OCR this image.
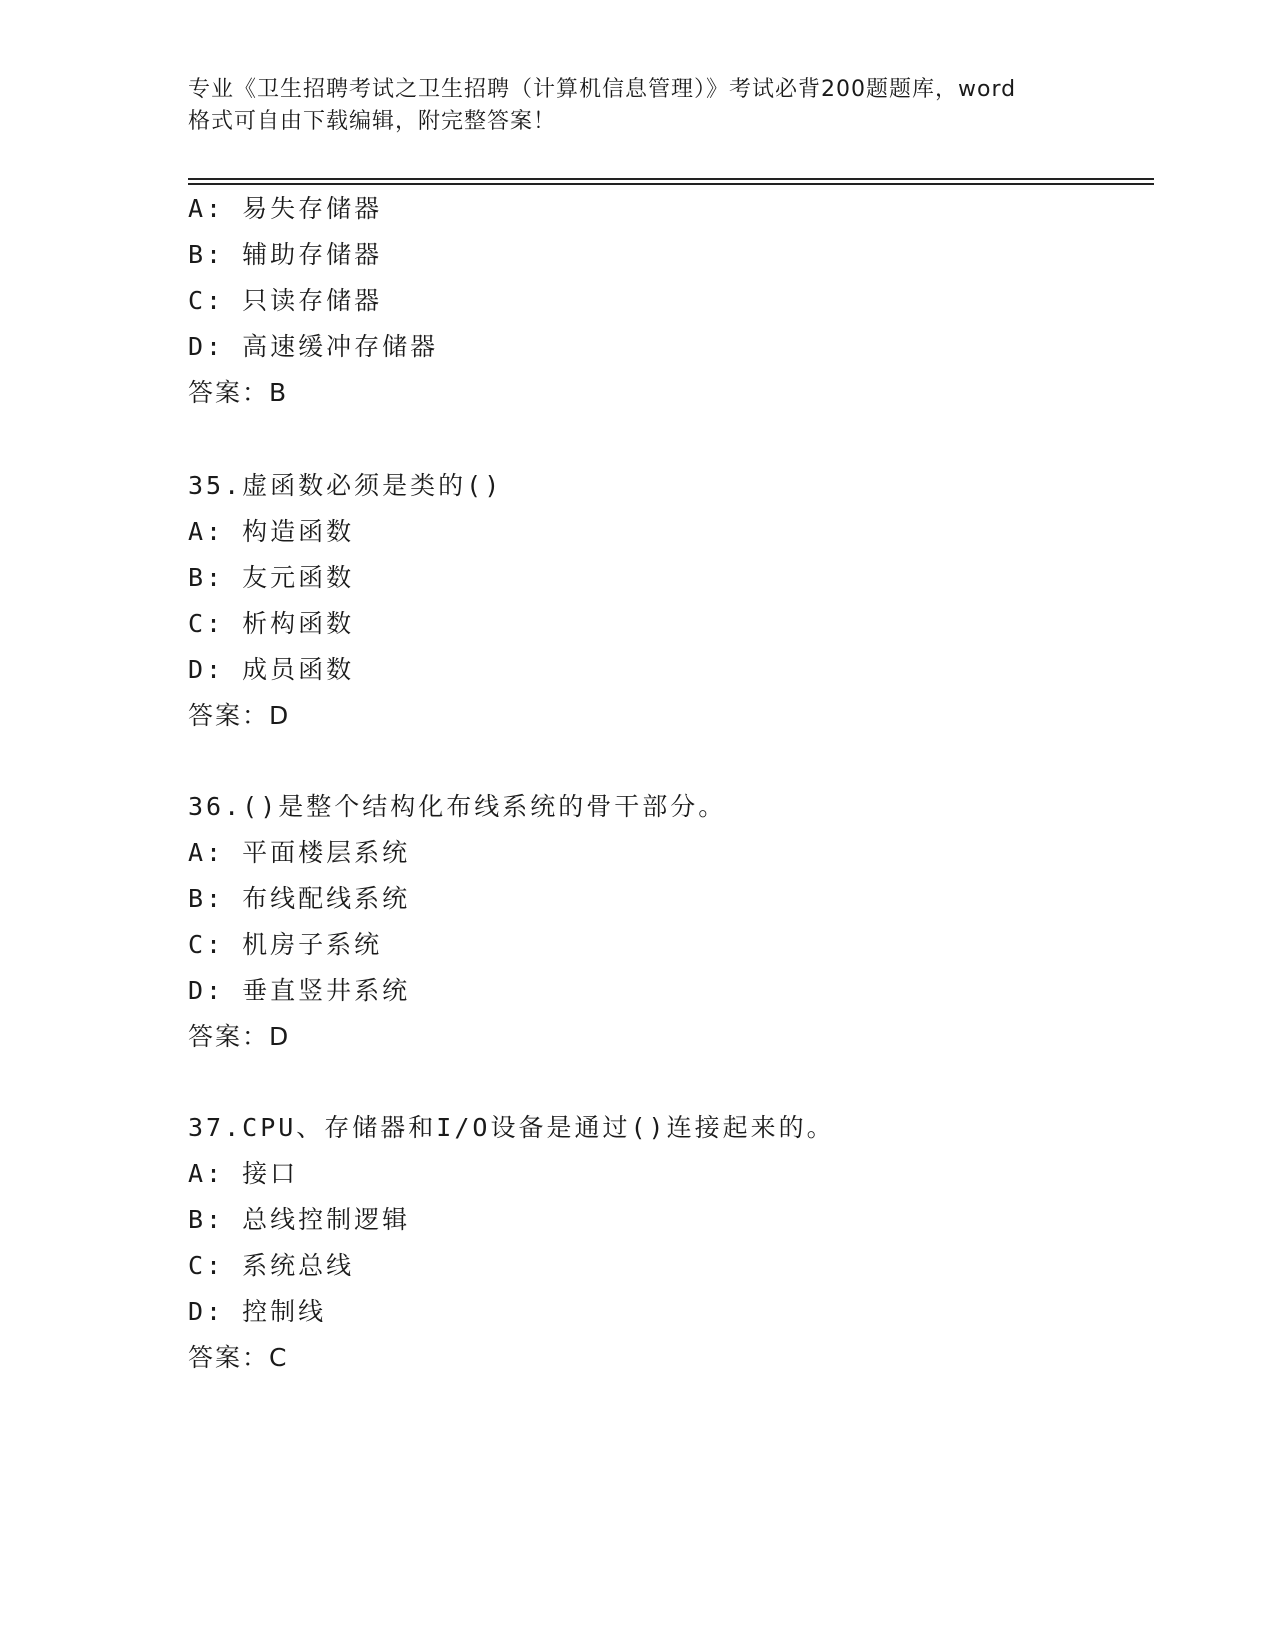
专业《卫生招聘考试之卫生招聘（计算机信息管理）》考试必背200题题库，word
格式可自由下载编辑，附完整答案！
A: 易失存储器
B: 辅助存储器
C: 只读存储器
D: 高速缓冲存储器
答案：B
35.虚函数必须是类的()
A: 构造函数
B: 友元函数
C: 析构函数
D: 成员函数
答案：D
36.()是整个结构化布线系统的骨干部分。
A: 平面楼层系统
B: 布线配线系统
C: 机房子系统
D: 垂直竖井系统
答案：D
37.CPU、存储器和I/O设备是通过()连接起来的。
A: 接口
B: 总线控制逻辑
C: 系统总线
D: 控制线
答案：C
